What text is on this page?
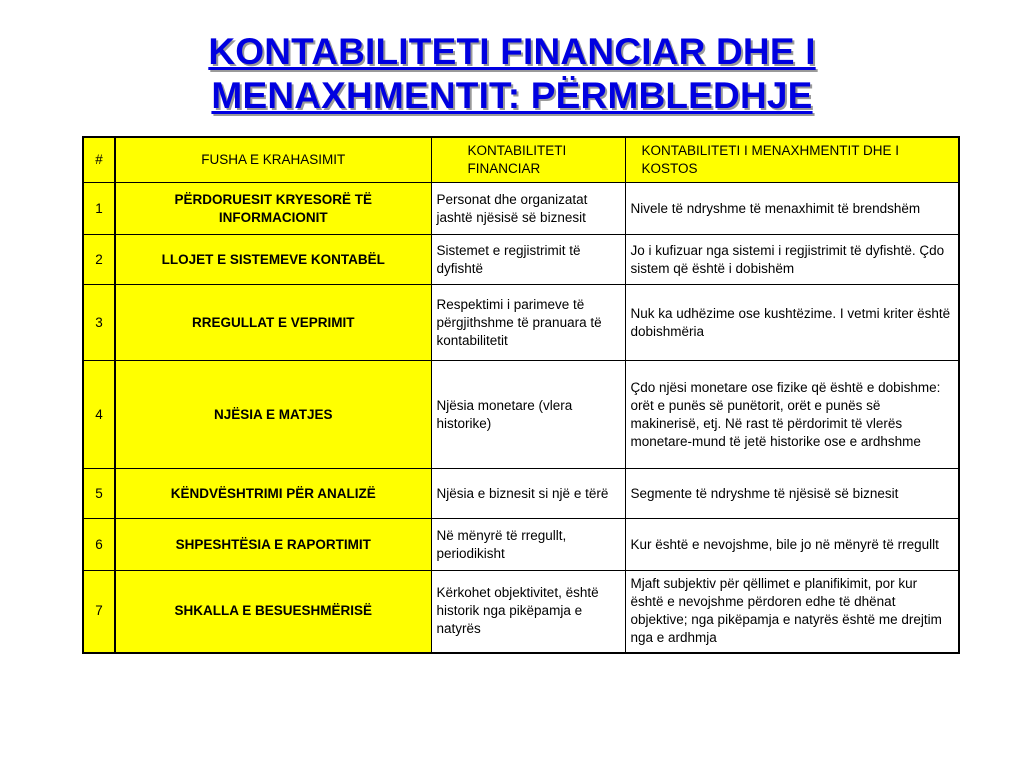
KONTABILITETI FINANCIAR DHE I
MENAXHMENTIT: PËRMBLEDHJE
#	FUSHA E KRAHASIMIT	KONTABILITETI FINANCIAR	KONTABILITETI I MENAXHMENTIT DHE I KOSTOS
1	PËRDORUESIT KRYESORË TË INFORMACIONIT	Personat dhe organizatat jashtë njësisë së biznesit	Nivele të ndryshme të menaxhimit të brendshëm
2	LLOJET E SISTEMEVE KONTABËL	Sistemet e regjistrimit të dyfishtë	Jo i kufizuar nga sistemi i regjistrimit të dyfishtë. Çdo sistem që është i dobishëm
3	RREGULLAT E VEPRIMIT	Respektimi i parimeve të përgjithshme të pranuara të kontabilitetit	Nuk ka udhëzime ose kushtëzime. I vetmi kriter është dobishmëria
4	NJËSIA E MATJES	Njësia monetare (vlera historike)	Çdo njësi monetare ose fizike që është e dobishme: orët e punës së punëtorit, orët e punës së makinerisë, etj. Në rast të përdorimit të vlerës monetare-mund të jetë historike ose e ardhshme
5	KËNDVËSHTRIMI PËR ANALIZË	Njësia e biznesit si një e tërë	Segmente të ndryshme të njësisë së biznesit
6	SHPESHTËSIA E RAPORTIMIT	Në mënyrë të rregullt, periodikisht	Kur është e nevojshme, bile jo në mënyrë të rregullt
7	SHKALLA E BESUESHMËRISË	Kërkohet objektivitet, është historik nga pikëpamja e natyrës	Mjaft subjektiv për qëllimet e planifikimit, por kur është e nevojshme përdoren edhe të dhënat objektive; nga pikëpamja e natyrës është me drejtim nga e ardhmja
